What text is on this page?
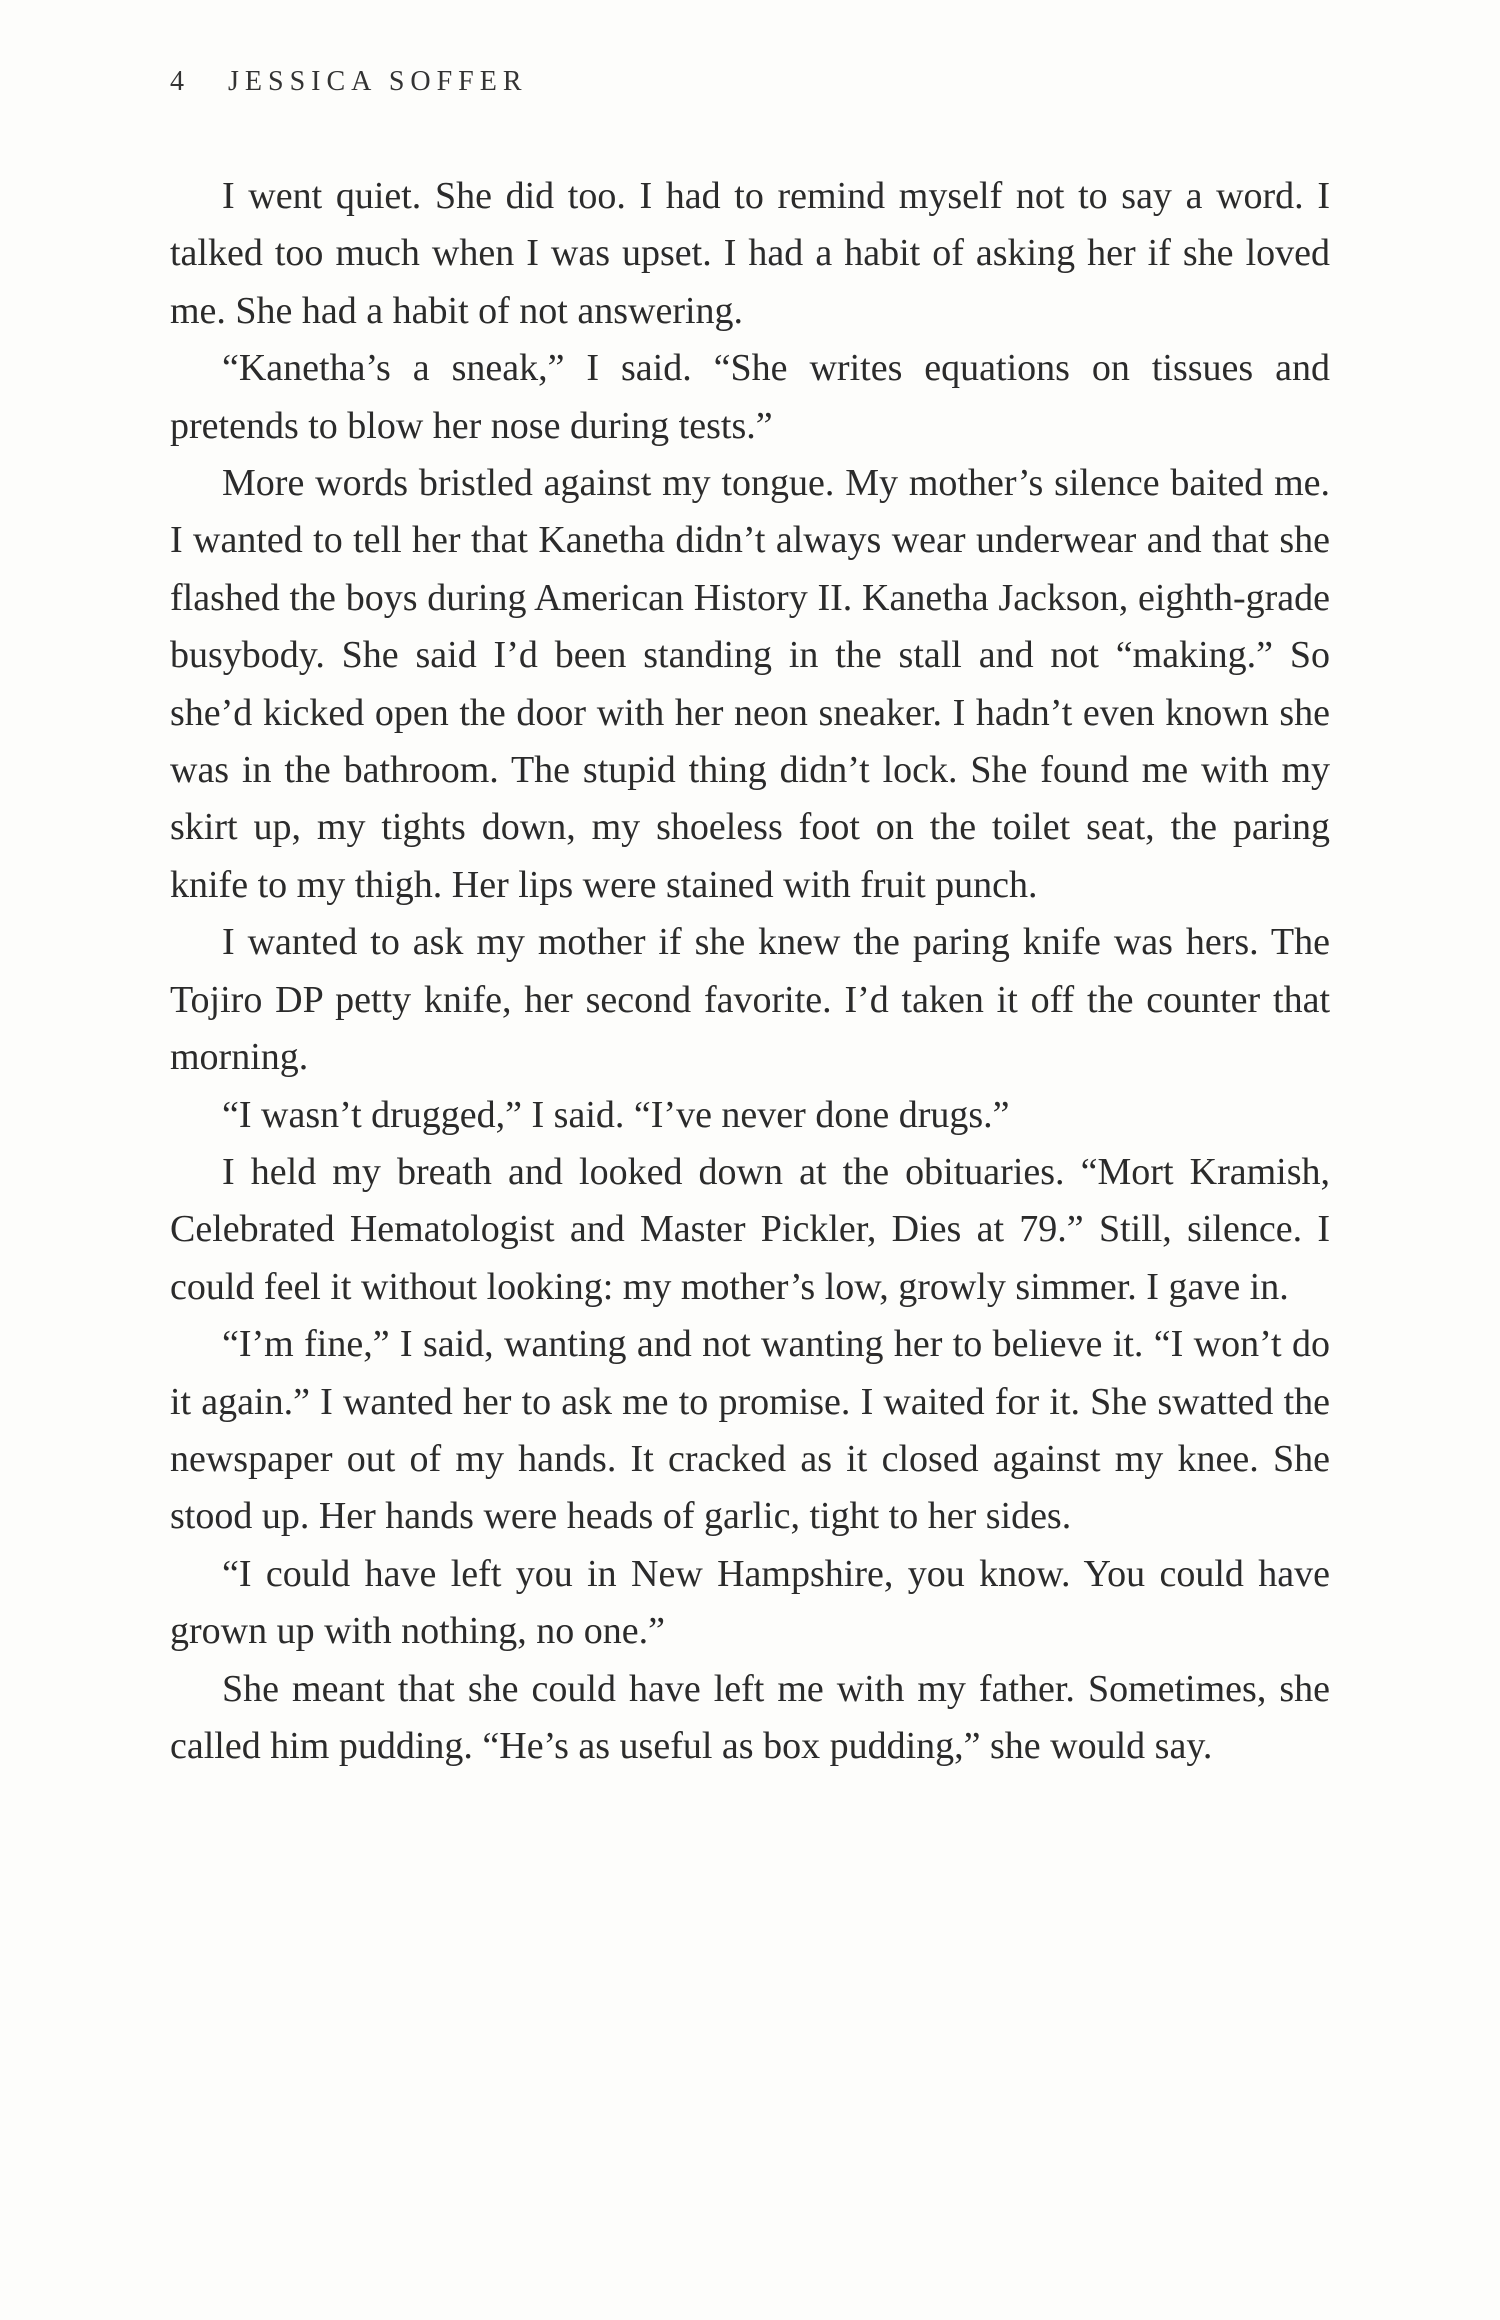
4 JESSICA SOFFER

I went quiet. She did too. I had to remind myself not to say a word. I talked too much when I was upset. I had a habit of asking her if she loved me. She had a habit of not answering.

“Kanetha’s a sneak,” I said. “She writes equations on tissues and pretends to blow her nose during tests.”

More words bristled against my tongue. My mother’s silence baited me. I wanted to tell her that Kanetha didn’t always wear underwear and that she flashed the boys during American History II. Kanetha Jackson, eighth-grade busybody. She said I’d been standing in the stall and not “making.” So she’d kicked open the door with her neon sneaker. I hadn’t even known she was in the bathroom. The stupid thing didn’t lock. She found me with my skirt up, my tights down, my shoeless foot on the toilet seat, the paring knife to my thigh. Her lips were stained with fruit punch.

I wanted to ask my mother if she knew the paring knife was hers. The Tojiro DP petty knife, her second favorite. I’d taken it off the counter that morning.

“I wasn’t drugged,” I said. “I’ve never done drugs.”

I held my breath and looked down at the obituaries. “Mort Kramish, Celebrated Hematologist and Master Pickler, Dies at 79.” Still, silence. I could feel it without looking: my mother’s low, growly simmer. I gave in.

“I’m fine,” I said, wanting and not wanting her to believe it. “I won’t do it again.” I wanted her to ask me to promise. I waited for it. She swatted the newspaper out of my hands. It cracked as it closed against my knee. She stood up. Her hands were heads of garlic, tight to her sides.

“I could have left you in New Hampshire, you know. You could have grown up with nothing, no one.”

She meant that she could have left me with my father. Sometimes, she called him pudding. “He’s as useful as box pudding,” she would say.
